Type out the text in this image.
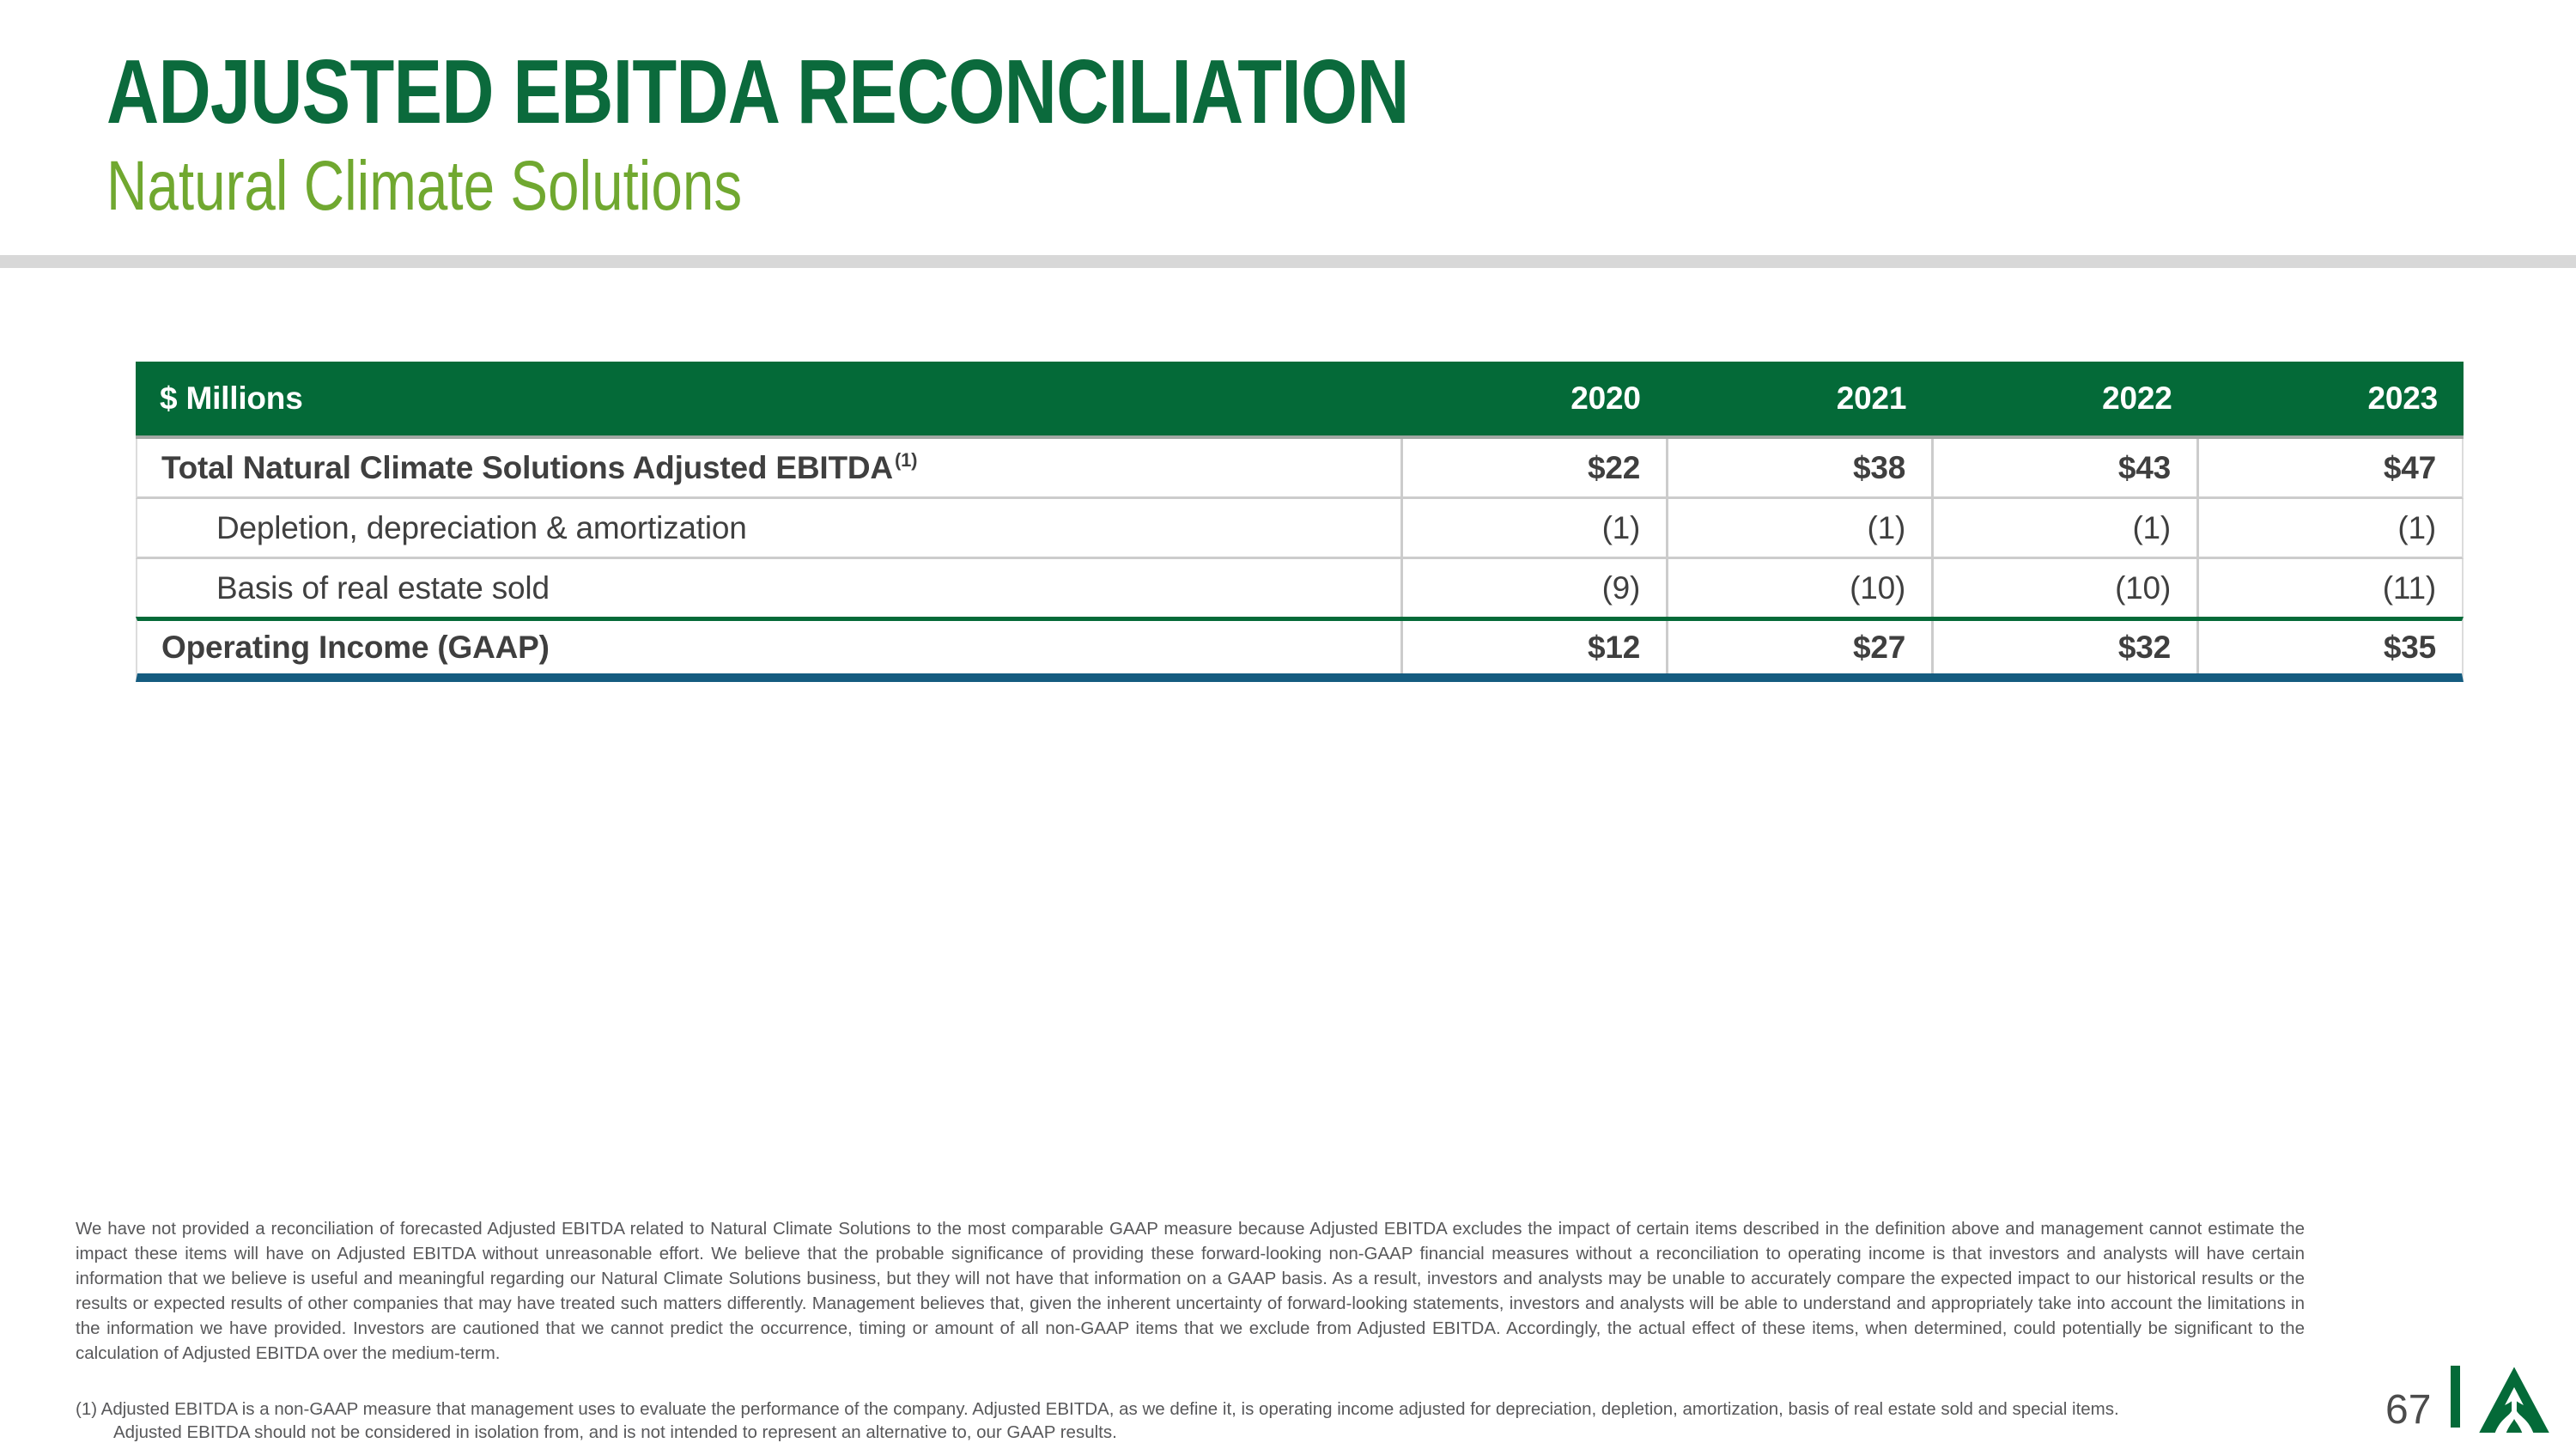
ADJUSTED EBITDA RECONCILIATION
Natural Climate Solutions
$ Millions	2020	2021	2022	2023
Total Natural Climate Solutions Adjusted EBITDA$^{(1)}$	$22	$38	$43	$47
Depletion, depreciation & amortization	(1)	(1)	(1)	(1)
Basis of real estate sold	(9)	(10)	(10)	(11)
Operating Income (GAAP)	$12	$27	$32	$35

We have not provided a reconciliation of forecasted Adjusted EBITDA related to Natural Climate Solutions to the most comparable GAAP measure because Adjusted EBITDA excludes the impact of certain items described in the definition above and management cannot estimate the impact these items will have on Adjusted EBITDA without unreasonable effort. We believe that the probable significance of providing these forward-looking non-GAAP financial measures without a reconciliation to operating income is that investors and analysts will have certain information that we believe is useful and meaningful regarding our Natural Climate Solutions business, but they will not have that information on a GAAP basis. As a result, investors and analysts may be unable to accurately compare the expected impact to our historical results or the results or expected results of other companies that may have treated such matters differently. Management believes that, given the inherent uncertainty of forward-looking statements, investors and analysts will be able to understand and appropriately take into account the limitations in the information we have provided. Investors are cautioned that we cannot predict the occurrence, timing or amount of all non-GAAP items that we exclude from Adjusted EBITDA. Accordingly, the actual effect of these items, when determined, could potentially be significant to the calculation of Adjusted EBITDA over the medium-term.

(1) Adjusted EBITDA is a non-GAAP measure that management uses to evaluate the performance of the company. Adjusted EBITDA, as we define it, is operating income adjusted for depreciation, depletion, amortization, basis of real estate sold and special items.
Adjusted EBITDA should not be considered in isolation from, and is not intended to represent an alternative to, our GAAP results.	67
